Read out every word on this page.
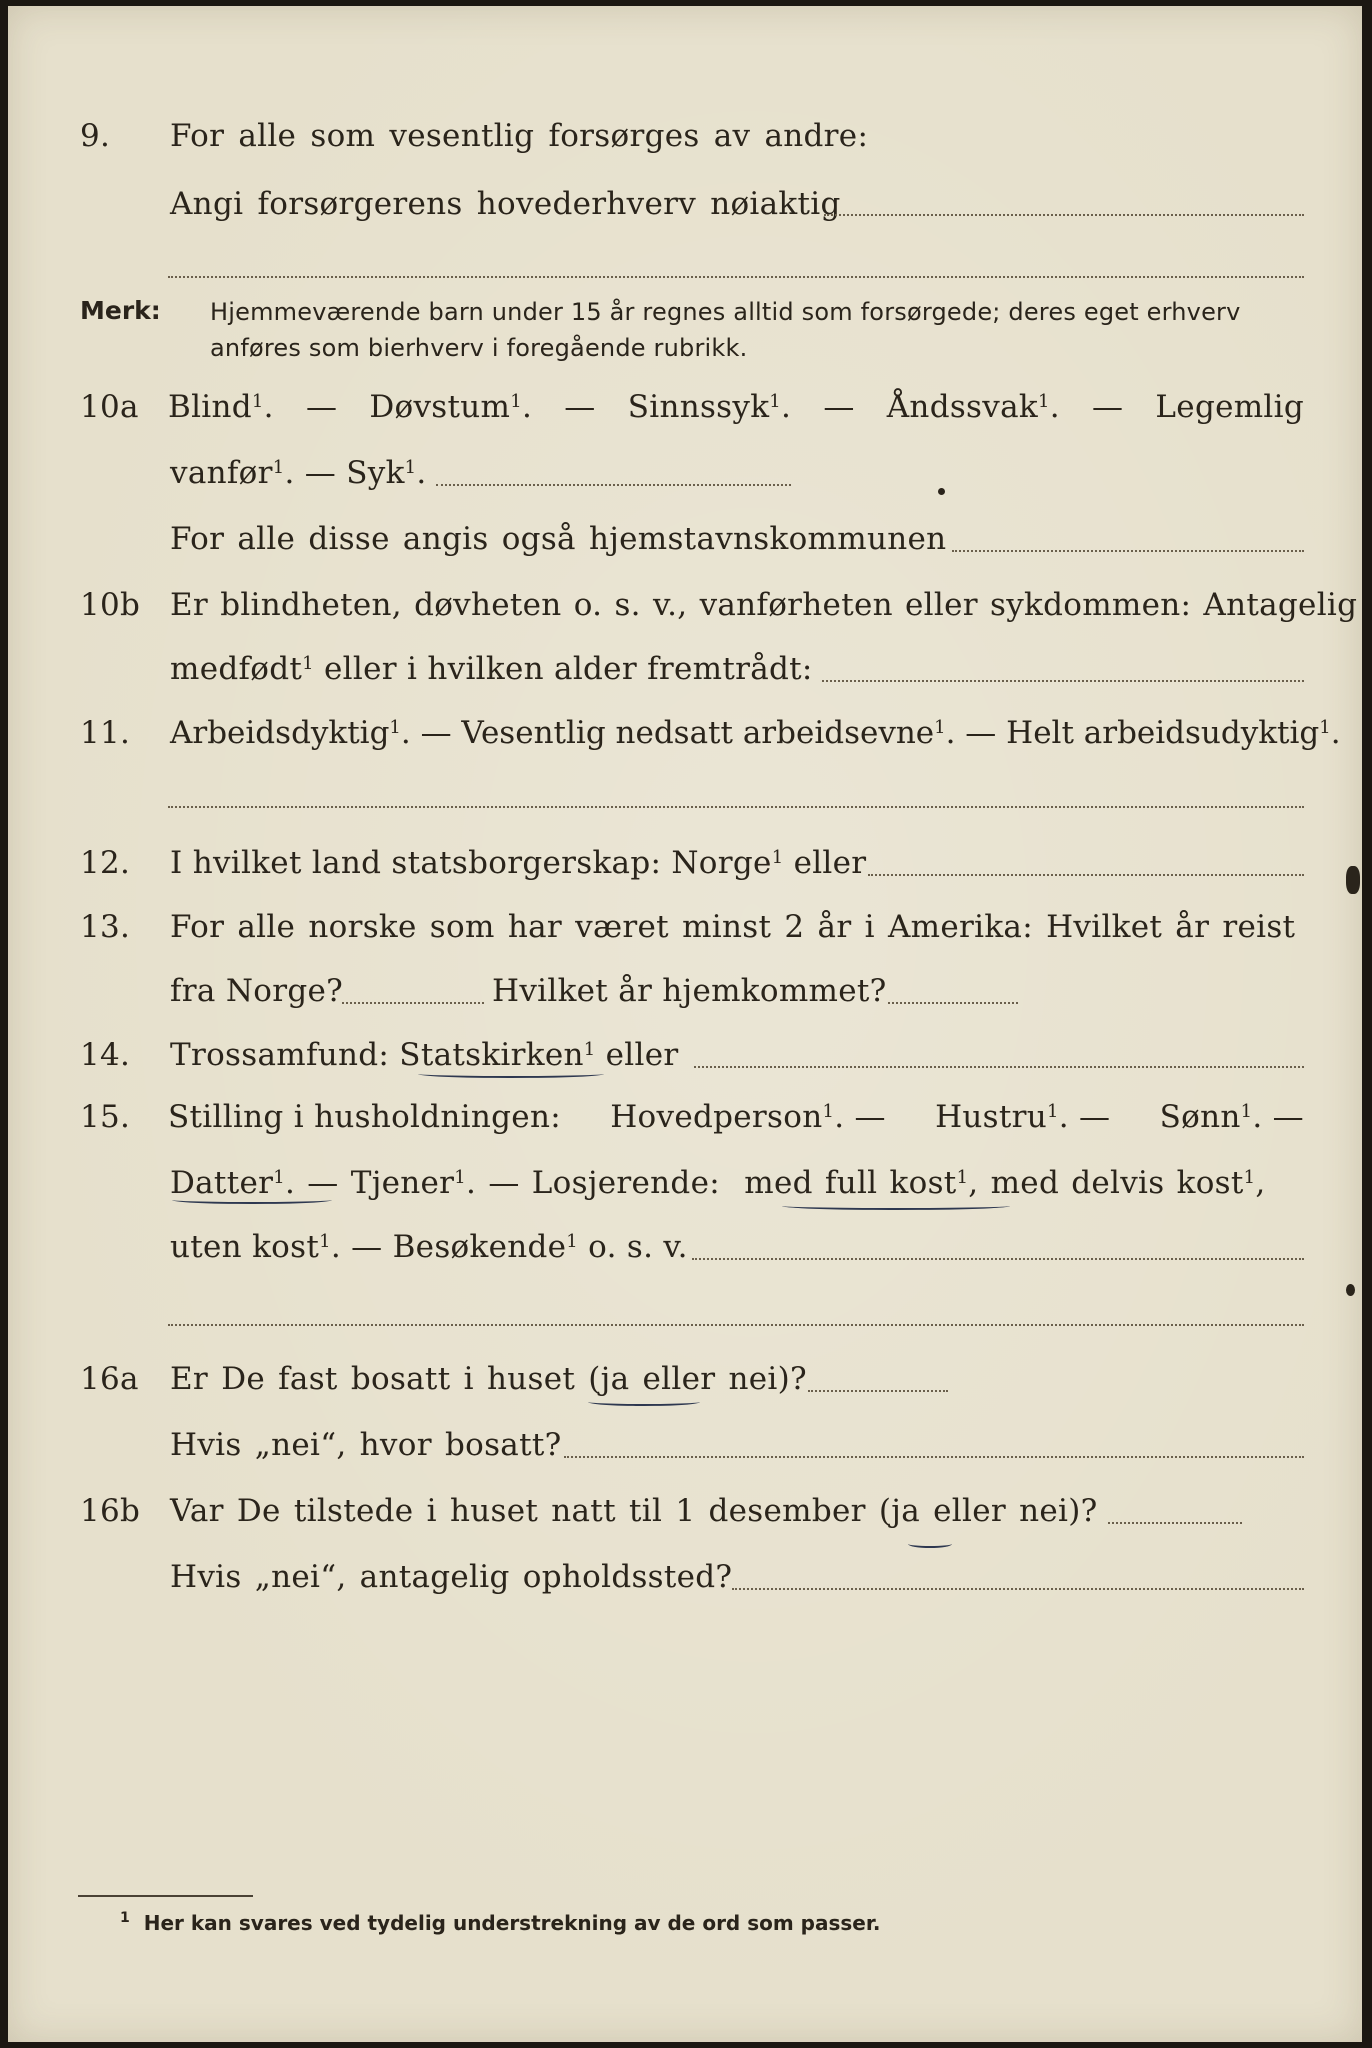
9. For alle som vesentlig forsørges av andre:
Angi forsørgerens hovederhverv nøiaktig
Merk: Hjemmeværende barn under 15 år regnes alltid som forsørgede; deres eget erhverv
anføres som bierhverv i foregående rubrikk.
10a Blind$^1$. — Døvstum$^1$. — Sinnssyk$^1$. — Åndssvak$^1$. — Legemlig
vanfør$^1$. — Syk$^1$.
For alle disse angis også hjemstavnskommunen
10b Er blindheten, døvheten o. s. v., vanførheten eller sykdommen: Antagelig
medfødt$^1$ eller i hvilken alder fremtrådt:
11. Arbeidsdyktig$^1$. — Vesentlig nedsatt arbeidsevne$^1$. — Helt arbeidsudyktig$^1$.
12. I hvilket land statsborgerskap: Norge$^1$ eller
13. For alle norske som har været minst 2 år i Amerika: Hvilket år reist
fra Norge?	Hvilket år hjemkommet?
14. Trossamfund: Statskirken$^1$ eller
15. Stilling i husholdningen: Hovedperson$^1$. — Hustru$^1$. — Sønn$^1$. —
Datter$^1$. — Tjener$^1$. — Losjerende: med full kost$^1$, med delvis kost$^1$,
uten kost$^1$. — Besøkende$^1$ o. s. v.
16a Er De fast bosatt i huset (ja eller nei)?
Hvis „nei“, hvor bosatt?
16b Var De tilstede i huset natt til 1 desember (ja eller nei)?
Hvis „nei“, antagelig opholdssted?
$^1$ Her kan svares ved tydelig understrekning av de ord som passer.
